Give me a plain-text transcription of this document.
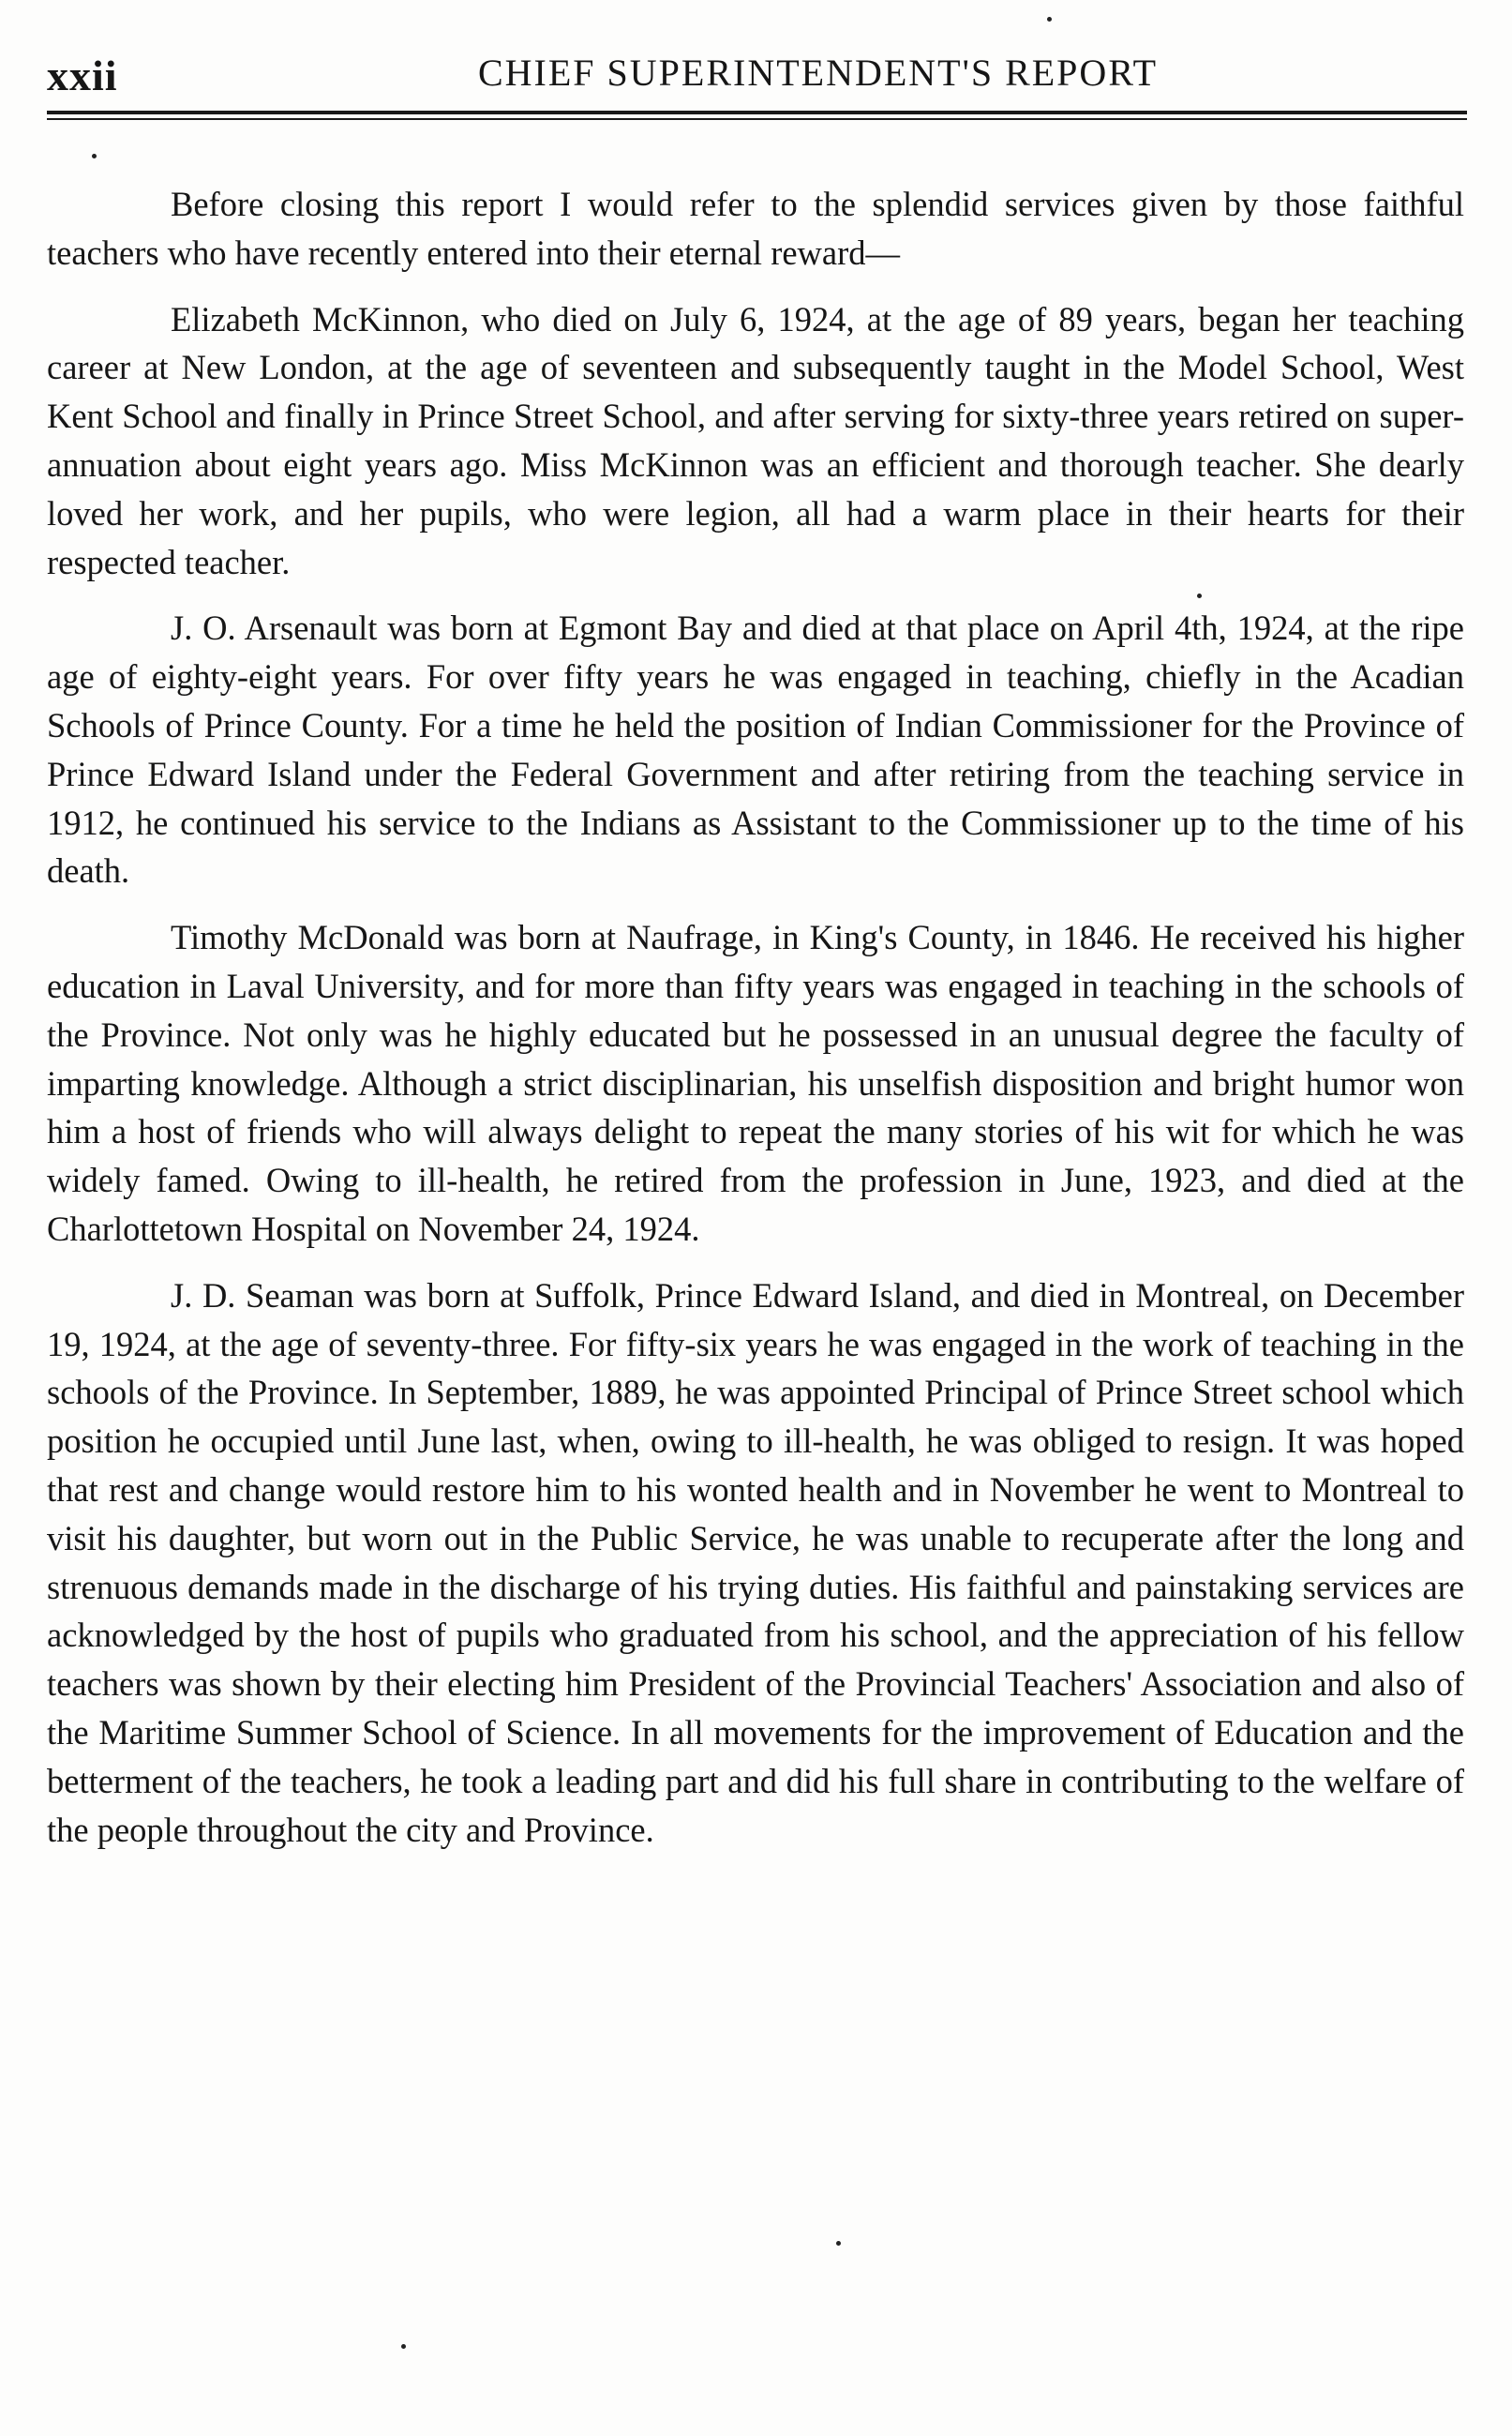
xxii	CHIEF SUPERINTENDENT'S REPORT

Before closing this report I would refer to the splendid services given by those faithful teachers who have recently entered into their eternal reward—

Elizabeth McKinnon, who died on July 6, 1924, at the age of 89 years, began her teaching career at New London, at the age of seventeen and subsequently taught in the Model School, West Kent School and finally in Prince Street School, and after serving for sixty-three years retired on super-annuation about eight years ago. Miss McKinnon was an efficient and thorough teacher. She dearly loved her work, and her pupils, who were legion, all had a warm place in their hearts for their respected teacher.

J. O. Arsenault was born at Egmont Bay and died at that place on April 4th, 1924, at the ripe age of eighty-eight years. For over fifty years he was engaged in teaching, chiefly in the Acadian Schools of Prince County. For a time he held the position of Indian Commissioner for the Province of Prince Edward Island under the Federal Government and after retiring from the teaching service in 1912, he continued his service to the Indians as Assistant to the Commissioner up to the time of his death.

Timothy McDonald was born at Naufrage, in King's County, in 1846. He received his higher education in Laval University, and for more than fifty years was engaged in teaching in the schools of the Province. Not only was he highly educated but he possessed in an unusual degree the faculty of imparting knowledge. Although a strict disciplinarian, his unselfish disposition and bright humor won him a host of friends who will always delight to repeat the many stories of his wit for which he was widely famed. Owing to ill-health, he retired from the profession in June, 1923, and died at the Charlottetown Hospital on November 24, 1924.

J. D. Seaman was born at Suffolk, Prince Edward Island, and died in Montreal, on December 19, 1924, at the age of seventy-three. For fifty-six years he was engaged in the work of teaching in the schools of the Province. In September, 1889, he was appointed Principal of Prince Street school which position he occupied until June last, when, owing to ill-health, he was obliged to resign. It was hoped that rest and change would restore him to his wonted health and in November he went to Montreal to visit his daughter, but worn out in the Public Service, he was unable to recuperate after the long and strenuous demands made in the discharge of his trying duties. His faithful and painstaking services are acknowledged by the host of pupils who graduated from his school, and the appreciation of his fellow teachers was shown by their electing him President of the Provincial Teachers' Association and also of the Maritime Summer School of Science. In all movements for the improvement of Education and the betterment of the teachers, he took a leading part and did his full share in contributing to the welfare of the people throughout the city and Province.
